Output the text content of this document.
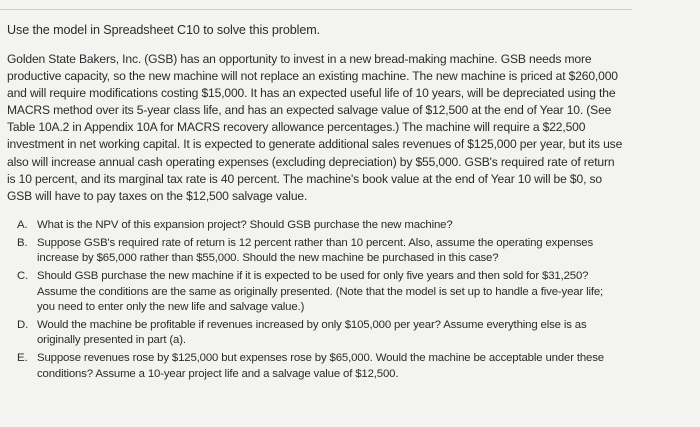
Use the model in Spreadsheet C10 to solve this problem.

Golden State Bakers, Inc. (GSB) has an opportunity to invest in a new bread-making machine. GSB needs more productive capacity, so the new machine will not replace an existing machine. The new machine is priced at $260,000 and will require modifications costing $15,000. It has an expected useful life of 10 years, will be depreciated using the MACRS method over its 5-year class life, and has an expected salvage value of $12,500 at the end of Year 10. (See Table 10A.2 in Appendix 10A for MACRS recovery allowance percentages.) The machine will require a $22,500 investment in net working capital. It is expected to generate additional sales revenues of $125,000 per year, but its use also will increase annual cash operating expenses (excluding depreciation) by $55,000. GSB's required rate of return is 10 percent, and its marginal tax rate is 40 percent. The machine's book value at the end of Year 10 will be $0, so GSB will have to pay taxes on the $12,500 salvage value.

A. What is the NPV of this expansion project? Should GSB purchase the new machine?
B. Suppose GSB's required rate of return is 12 percent rather than 10 percent. Also, assume the operating expenses increase by $65,000 rather than $55,000. Should the new machine be purchased in this case?
C. Should GSB purchase the new machine if it is expected to be used for only five years and then sold for $31,250? Assume the conditions are the same as originally presented. (Note that the model is set up to handle a five-year life; you need to enter only the new life and salvage value.)
D. Would the machine be profitable if revenues increased by only $105,000 per year? Assume everything else is as originally presented in part (a).
E. Suppose revenues rose by $125,000 but expenses rose by $65,000. Would the machine be acceptable under these conditions? Assume a 10-year project life and a salvage value of $12,500.
